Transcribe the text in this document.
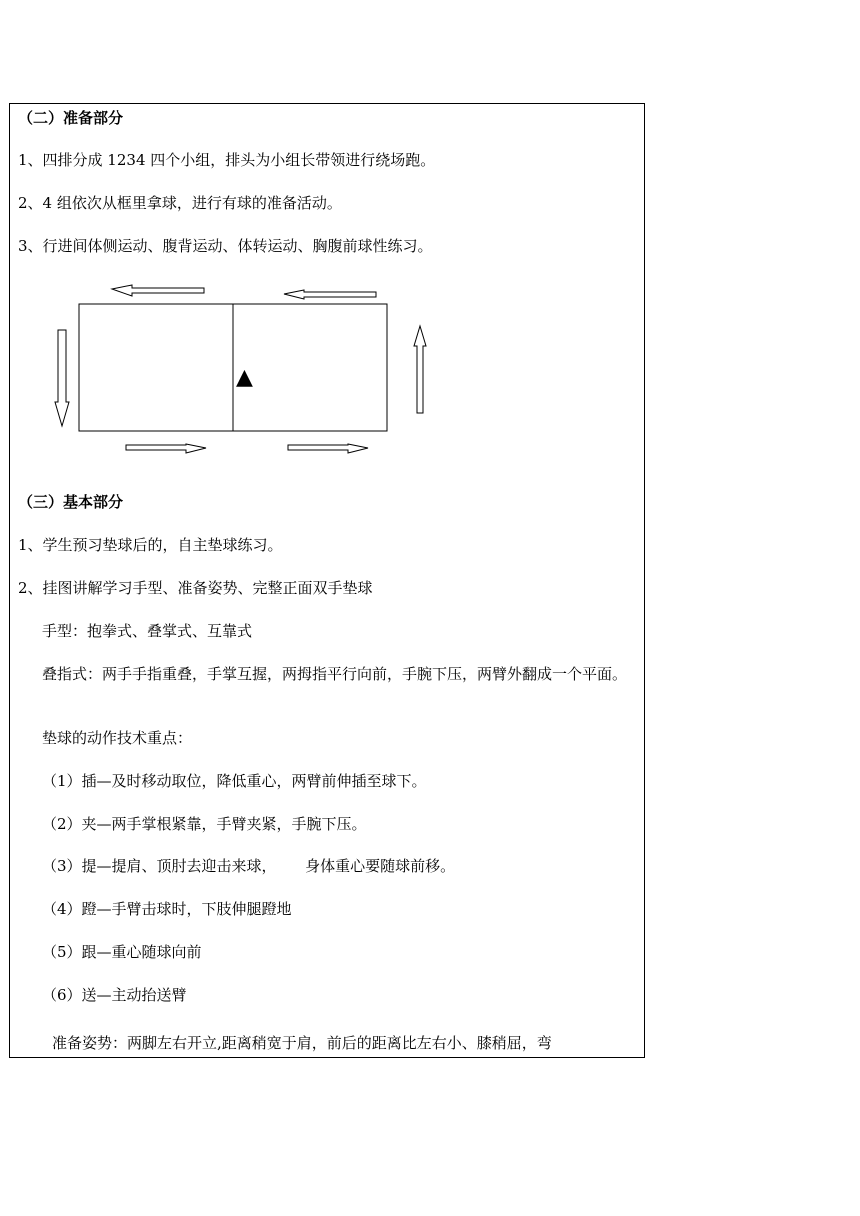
（二）准备部分
1、四排分成 1234 四个小组，排头为小组长带领进行绕场跑。
2、4 组依次从框里拿球，进行有球的准备活动。
3、行进间体侧运动、腹背运动、体转运动、胸腹前球性练习。
▲
（三）基本部分
1、学生预习垫球后的，自主垫球练习。
2、挂图讲解学习手型、准备姿势、完整正面双手垫球
手型：抱拳式、叠掌式、互靠式
叠指式：两手手指重叠，手掌互握，两拇指平行向前，手腕下压，两臂外翻成一个平面。
垫球的动作技术重点：
（1）插—及时移动取位，降低重心，两臂前伸插至球下。
（2）夹—两手掌根紧靠，手臂夹紧，手腕下压。
（3）提—提肩、顶肘去迎击来球，      身体重心要随球前移。
（4）蹬—手臂击球时，下肢伸腿蹬地
（5）跟—重心随球向前
（6）送—主动抬送臂
准备姿势：两脚左右开立,距离稍宽于肩，前后的距离比左右小、膝稍屈，弯
